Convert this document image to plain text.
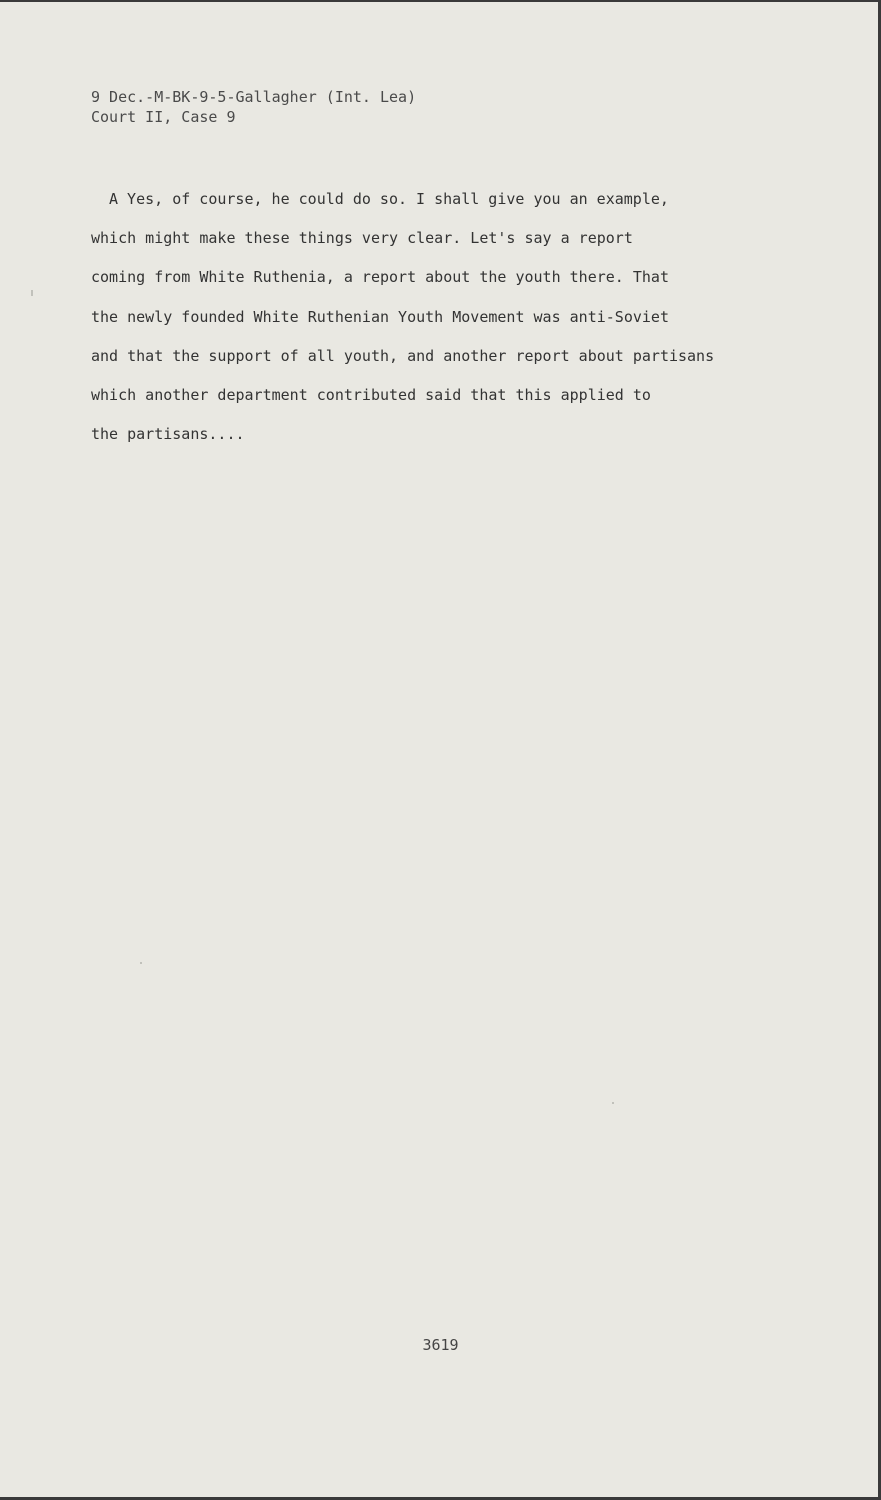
9 Dec.-M-BK-9-5-Gallagher (Int. Lea)
Court II, Case 9
A Yes, of course, he could do so. I shall give you an example,
which might make these things very clear. Let's say a report
coming from White Ruthenia, a report about the youth there. That
the newly founded White Ruthenian Youth Movement was anti-Soviet
and that the support of all youth, and another report about partisans
which another department contributed said that this applied to
the partisans....
3619
